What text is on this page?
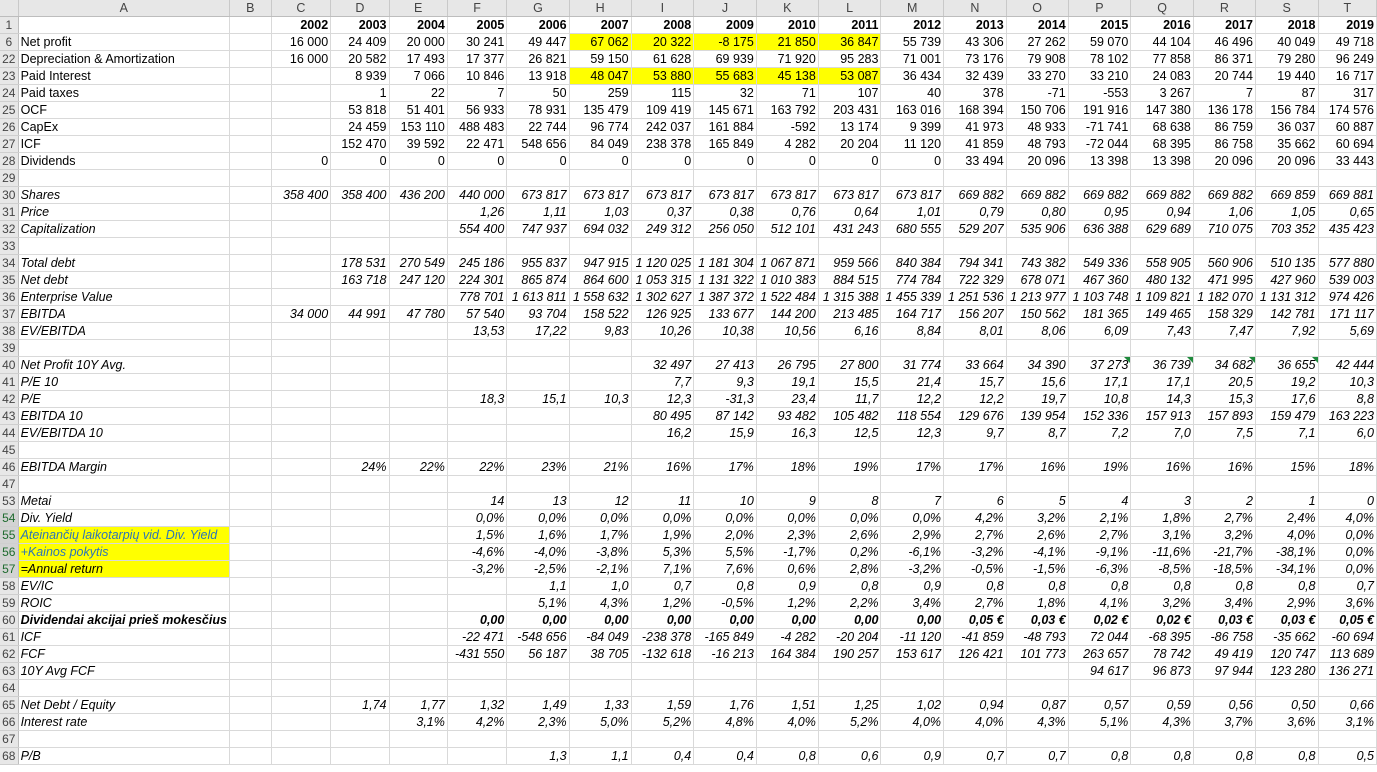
	A	B	C	D	E	F	G	H	I	J	K	L	M	N	O	P	Q	R	S	T
1			2002	2003	2004	2005	2006	2007	2008	2009	2010	2011	2012	2013	2014	2015	2016	2017	2018	2019
6	Net profit		16 000	24 409	20 000	30 241	49 447	67 062	20 322	-8 175	21 850	36 847	55 739	43 306	27 262	59 070	44 104	46 496	40 049	49 718
22	Depreciation & Amortization		16 000	20 582	17 493	17 377	26 821	59 150	61 628	69 939	71 920	95 283	71 001	73 176	79 908	78 102	77 858	86 371	79 280	96 249
23	Paid Interest			8 939	7 066	10 846	13 918	48 047	53 880	55 683	45 138	53 087	36 434	32 439	33 270	33 210	24 083	20 744	19 440	16 717
24	Paid taxes			1	22	7	50	259	115	32	71	107	40	378	-71	-553	3 267	7	87	317
25	OCF			53 818	51 401	56 933	78 931	135 479	109 419	145 671	163 792	203 431	163 016	168 394	150 706	191 916	147 380	136 178	156 784	174 576
26	CapEx			24 459	153 110	488 483	22 744	96 774	242 037	161 884	-592	13 174	9 399	41 973	48 933	-71 741	68 638	86 759	36 037	60 887
27	ICF			152 470	39 592	22 471	548 656	84 049	238 378	165 849	4 282	20 204	11 120	41 859	48 793	-72 044	68 395	86 758	35 662	60 694
28	Dividends		0	0	0	0	0	0	0	0	0	0	0	33 494	20 096	13 398	13 398	20 096	20 096	33 443
29																				
30	Shares		358 400	358 400	436 200	440 000	673 817	673 817	673 817	673 817	673 817	673 817	673 817	669 882	669 882	669 882	669 882	669 882	669 859	669 881
31	Price					1,26	1,11	1,03	0,37	0,38	0,76	0,64	1,01	0,79	0,80	0,95	0,94	1,06	1,05	0,65
32	Capitalization					554 400	747 937	694 032	249 312	256 050	512 101	431 243	680 555	529 207	535 906	636 388	629 689	710 075	703 352	435 423
33																				
34	Total debt			178 531	270 549	245 186	955 837	947 915	1 120 025	1 181 304	1 067 871	959 566	840 384	794 341	743 382	549 336	558 905	560 906	510 135	577 880
35	Net debt			163 718	247 120	224 301	865 874	864 600	1 053 315	1 131 322	1 010 383	884 515	774 784	722 329	678 071	467 360	480 132	471 995	427 960	539 003
36	Enterprise Value					778 701	1 613 811	1 558 632	1 302 627	1 387 372	1 522 484	1 315 388	1 455 339	1 251 536	1 213 977	1 103 748	1 109 821	1 182 070	1 131 312	974 426
37	EBITDA		34 000	44 991	47 780	57 540	93 704	158 522	126 925	133 677	144 200	213 485	164 717	156 207	150 562	181 365	149 465	158 329	142 781	171 117
38	EV/EBITDA					13,53	17,22	9,83	10,26	10,38	10,56	6,16	8,84	8,01	8,06	6,09	7,43	7,47	7,92	5,69
39																				
40	Net Profit 10Y Avg.								32 497	27 413	26 795	27 800	31 774	33 664	34 390	37 273	36 739	34 682	36 655	42 444
41	P/E 10								7,7	9,3	19,1	15,5	21,4	15,7	15,6	17,1	17,1	20,5	19,2	10,3
42	P/E					18,3	15,1	10,3	12,3	-31,3	23,4	11,7	12,2	12,2	19,7	10,8	14,3	15,3	17,6	8,8
43	EBITDA 10								80 495	87 142	93 482	105 482	118 554	129 676	139 954	152 336	157 913	157 893	159 479	163 223
44	EV/EBITDA 10								16,2	15,9	16,3	12,5	12,3	9,7	8,7	7,2	7,0	7,5	7,1	6,0
45																				
46	EBITDA Margin			24%	22%	22%	23%	21%	16%	17%	18%	19%	17%	17%	16%	19%	16%	16%	15%	18%
47																				
53	Metai					14	13	12	11	10	9	8	7	6	5	4	3	2	1	0
54	Div. Yield					0,0%	0,0%	0,0%	0,0%	0,0%	0,0%	0,0%	0,0%	4,2%	3,2%	2,1%	1,8%	2,7%	2,4%	4,0%
55	Ateinančių laikotarpių vid. Div. Yield					1,5%	1,6%	1,7%	1,9%	2,0%	2,3%	2,6%	2,9%	2,7%	2,6%	2,7%	3,1%	3,2%	4,0%	0,0%
56	+Kainos pokytis					-4,6%	-4,0%	-3,8%	5,3%	5,5%	-1,7%	0,2%	-6,1%	-3,2%	-4,1%	-9,1%	-11,6%	-21,7%	-38,1%	0,0%
57	=Annual return					-3,2%	-2,5%	-2,1%	7,1%	7,6%	0,6%	2,8%	-3,2%	-0,5%	-1,5%	-6,3%	-8,5%	-18,5%	-34,1%	0,0%
58	EV/IC						1,1	1,0	0,7	0,8	0,9	0,8	0,9	0,8	0,8	0,8	0,8	0,8	0,8	0,7
59	ROIC						5,1%	4,3%	1,2%	-0,5%	1,2%	2,2%	3,4%	2,7%	1,8%	4,1%	3,2%	3,4%	2,9%	3,6%
60	Dividendai akcijai prieš mokesčius					0,00	0,00	0,00	0,00	0,00	0,00	0,00	0,00	0,05 €	0,03 €	0,02 €	0,02 €	0,03 €	0,03 €	0,05 €
61	ICF					-22 471	-548 656	-84 049	-238 378	-165 849	-4 282	-20 204	-11 120	-41 859	-48 793	72 044	-68 395	-86 758	-35 662	-60 694
62	FCF					-431 550	56 187	38 705	-132 618	-16 213	164 384	190 257	153 617	126 421	101 773	263 657	78 742	49 419	120 747	113 689
63	10Y Avg FCF															94 617	96 873	97 944	123 280	136 271
64																				
65	Net Debt / Equity			1,74	1,77	1,32	1,49	1,33	1,59	1,76	1,51	1,25	1,02	0,94	0,87	0,57	0,59	0,56	0,50	0,66
66	Interest rate				3,1%	4,2%	2,3%	5,0%	5,2%	4,8%	4,0%	5,2%	4,0%	4,0%	4,3%	5,1%	4,3%	3,7%	3,6%	3,1%
67																				
68	P/B						1,3	1,1	0,4	0,4	0,8	0,6	0,9	0,7	0,7	0,8	0,8	0,8	0,8	0,5
